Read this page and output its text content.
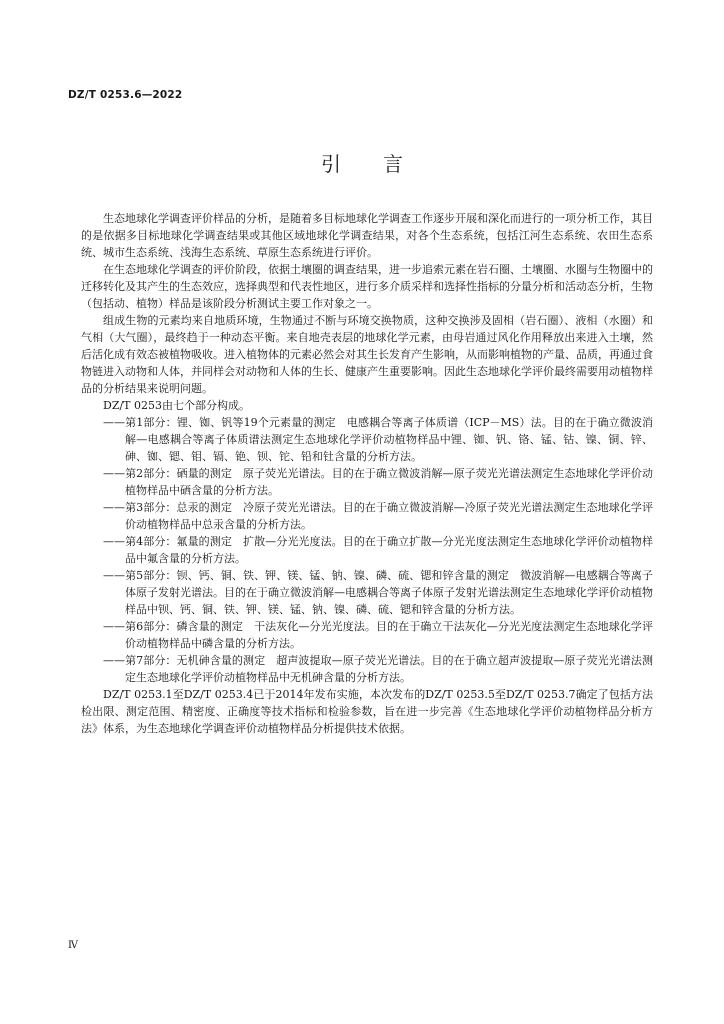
DZ/T 0253.6—2022
引言

生态地球化学调查评价样品的分析，是随着多目标地球化学调查工作逐步开展和深化而进行的一项分析工作，其目的是依据多目标地球化学调查结果或其他区域地球化学调查结果，对各个生态系统，包括江河生态系统、农田生态系统、城市生态系统、浅海生态系统、草原生态系统进行评价。

在生态地球化学调查的评价阶段，依据土壤圈的调查结果，进一步追索元素在岩石圈、土壤圈、水圈与生物圈中的迁移转化及其产生的生态效应，选择典型和代表性地区，进行多介质采样和选择性指标的分量分析和活动态分析，生物（包括动、植物）样品是该阶段分析测试主要工作对象之一。

组成生物的元素均来自地质环境，生物通过不断与环境交换物质，这种交换涉及固相（岩石圈）、液相（水圈）和气相（大气圈），最终趋于一种动态平衡。来自地壳表层的地球化学元素，由母岩通过风化作用释放出来进入土壤，然后活化成有效态被植物吸收。进入植物体的元素必然会对其生长发育产生影响，从而影响植物的产量、品质，再通过食物链进入动物和人体，并同样会对动物和人体的生长、健康产生重要影响。因此生态地球化学评价最终需要用动植物样品的分析结果来说明问题。

DZ/T 0253由七个部分构成。

——第1部分：锂、铷、钒等19个元素量的测定　电感耦合等离子体质谱（ICP－MS）法。目的在于确立微波消解—电感耦合等离子体质谱法测定生态地球化学评价动植物样品中锂、铷、钒、铬、锰、钴、镍、铜、锌、砷、铷、锶、钼、镉、铯、钡、铊、铅和钍含量的分析方法。

——第2部分：硒量的测定　原子荧光光谱法。目的在于确立微波消解—原子荧光光谱法测定生态地球化学评价动植物样品中硒含量的分析方法。

——第3部分：总汞的测定　冷原子荧光光谱法。目的在于确立微波消解—冷原子荧光光谱法测定生态地球化学评价动植物样品中总汞含量的分析方法。

——第4部分：氟量的测定　扩散—分光光度法。目的在于确立扩散—分光光度法测定生态地球化学评价动植物样品中氟含量的分析方法。

——第5部分：钡、钙、铜、铁、钾、镁、锰、钠、镍、磷、硫、锶和锌含量的测定　微波消解—电感耦合等离子体原子发射光谱法。目的在于确立微波消解—电感耦合等离子体原子发射光谱法测定生态地球化学评价动植物样品中钡、钙、铜、铁、钾、镁、锰、钠、镍、磷、硫、锶和锌含量的分析方法。

——第6部分：磷含量的测定　干法灰化—分光光度法。目的在于确立干法灰化—分光光度法测定生态地球化学评价动植物样品中磷含量的分析方法。

——第7部分：无机砷含量的测定　超声波提取—原子荧光光谱法。目的在于确立超声波提取—原子荧光光谱法测定生态地球化学评价动植物样品中无机砷含量的分析方法。

DZ/T 0253.1至DZ/T 0253.4已于2014年发布实施，本次发布的DZ/T 0253.5至DZ/T 0253.7确定了包括方法检出限、测定范围、精密度、正确度等技术指标和检验参数，旨在进一步完善《生态地球化学评价动植物样品分析方法》体系，为生态地球化学调查评价动植物样品分析提供技术依据。

Ⅳ
